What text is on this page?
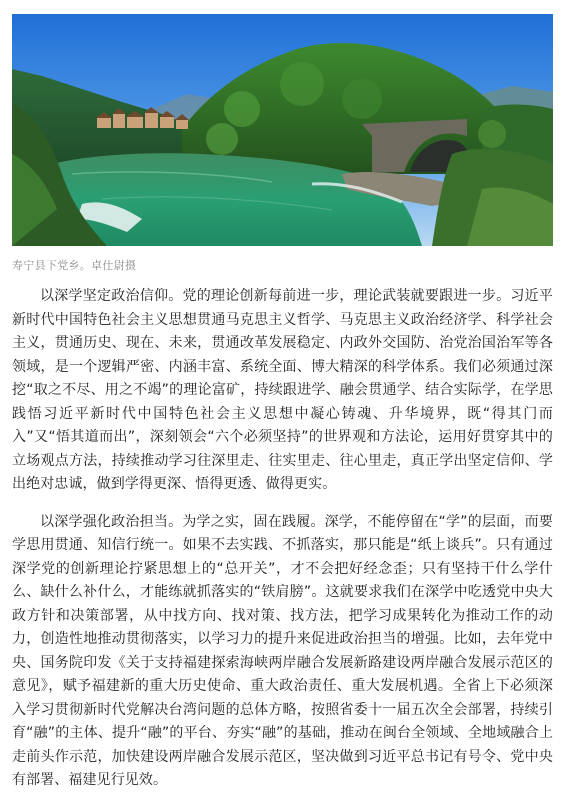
寿宁县下党乡。卓仕尉摄

以深学坚定政治信仰。党的理论创新每前进一步，理论武装就要跟进一步。习近平新时代中国特色社会主义思想贯通马克思主义哲学、马克思主义政治经济学、科学社会主义，贯通历史、现在、未来，贯通改革发展稳定、内政外交国防、治党治国治军等各领域，是一个逻辑严密、内涵丰富、系统全面、博大精深的科学体系。我们必须通过深挖“取之不尽、用之不竭”的理论富矿，持续跟进学、融会贯通学、结合实际学，在学思践悟习近平新时代中国特色社会主义思想中凝心铸魂、升华境界，既“得其门而入”又“悟其道而出”，深刻领会“六个必须坚持”的世界观和方法论，运用好贯穿其中的立场观点方法，持续推动学习往深里走、往实里走、往心里走，真正学出坚定信仰、学出绝对忠诚，做到学得更深、悟得更透、做得更实。

以深学强化政治担当。为学之实，固在践履。深学，不能停留在“学”的层面，而要学思用贯通、知信行统一。如果不去实践、不抓落实，那只能是“纸上谈兵”。只有通过深学党的创新理论拧紧思想上的“总开关”，才不会把好经念歪；只有坚持干什么学什么、缺什么补什么，才能练就抓落实的“铁肩膀”。这就要求我们在深学中吃透党中央大政方针和决策部署，从中找方向、找对策、找方法，把学习成果转化为推动工作的动力，创造性地推动贯彻落实，以学习力的提升来促进政治担当的增强。比如，去年党中央、国务院印发《关于支持福建探索海峡两岸融合发展新路建设两岸融合发展示范区的意见》，赋予福建新的重大历史使命、重大政治责任、重大发展机遇。全省上下必须深入学习贯彻新时代党解决台湾问题的总体方略，按照省委十一届五次全会部署，持续引育“融”的主体、提升“融”的平台、夯实“融”的基础，推动在闽台全领域、全地域融合上走前头作示范，加快建设两岸融合发展示范区，坚决做到习近平总书记有号令、党中央有部署、福建见行见效。
